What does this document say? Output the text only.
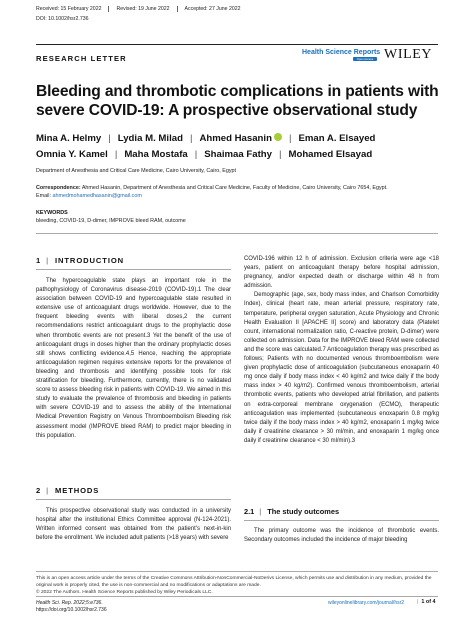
Received: 15 February 2022	Revised: 19 June 2022	Accepted: 27 June 2022
DOI: 10.1002/hsr2.736
RESEARCH LETTER
Health Science Reports
Open Access WILEY
Bleeding and thrombotic complications in patients with severe COVID-19: A prospective observational study
Mina A. Helmy | Lydia M. Milad | Ahmed Hasanin | Eman A. Elsayed
Omnia Y. Kamel | Maha Mostafa | Shaimaa Fathy | Mohamed Elsayad
Department of Anesthesia and Critical Care Medicine, Cairo University, Cairo, Egypt
Correspondence: Ahmed Hasanin, Department of Anesthesia and Critical Care Medicine, Faculty of Medicine, Cairo University, Cairo 7654, Egypt.
Email: ahmedmohamedhasanin@gmail.com
KEYWORDS
bleeding, COVID-19, D-dimer, IMPROVE bleed RAM, outcome
1 | INTRODUCTION

The hypercoagulable state plays an important role in the pathophysiology of Coronavirus disease-2019 (COVID-19).1 The clear association between COVID-19 and hypercoagulable state resulted in extensive use of anticoagulant drugs worldwide. However, due to the frequent bleeding events with liberal doses,2 the current recommendations restrict anticoagulant drugs to the prophylactic dose when thrombotic events are not present.3 Yet the benefit of the use of anticoagulant drugs in doses higher than the ordinary prophylactic doses still shows conflicting evidence.4,5 Hence, reaching the appropriate anticoagulation regimen requires extensive reports for the prevalence of bleeding and thrombosis and identifying possible tools for risk stratification for bleeding. Furthermore, currently, there is no validated score to assess bleeding risk in patients with COVID-19. We aimed in this study to evaluate the prevalence of thrombosis and bleeding in patients with severe COVID-19 and to assess the ability of the International Medical Prevention Registry on Venous Thromboembolism Bleeding risk assessment model (IMPROVE bleed RAM) to predict major bleeding in this population.

2 | METHODS

This prospective observational study was conducted in a university hospital after the institutional Ethics Committee approval (N-124-2021). Written informed consent was obtained from the patient's next-in-kin before the enrollment. We included adult patients (>18 years) with severe

COVID-196 within 12 h of admission. Exclusion criteria were age <18 years, patient on anticoagulant therapy before hospital admission, pregnancy, and/or expected death or discharge within 48 h from admission.

Demographic (age, sex, body mass index, and Charlson Comorbidity Index), clinical (heart rate, mean arterial pressure, respiratory rate, temperature, peripheral oxygen saturation, Acute Physiology and Chronic Health Evaluation II [APACHE II] score) and laboratory data (Platelet count, international normalization ratio, C-reactive protein, D-dimer) were collected on admission. Data for the IMPROVE bleed RAM were collected and the score was calculated.7 Anticoagulation therapy was prescribed as follows; Patients with no documented venous thromboembolism were given prophylactic dose of anticoagulation (subcutaneous enoxaparin 40 mg once daily if body mass index < 40 kg/m2 and twice daily if the body mass index > 40 kg/m2). Confirmed venous thromboembolism, arterial thrombotic events, patients who developed atrial fibrillation, and patients on extra-corporeal membrane oxygenation (ECMO), therapeutic anticoagulation was implemented (subcutaneous enoxaparin 0.8 mg/kg twice daily if the body mass index > 40 kg/m2, enoxaparin 1 mg/kg twice daily if creatinine clearance > 30 ml/min, and enoxaparin 1 mg/kg once daily if creatinine clearance < 30 ml/min).3

2.1 | The study outcomes

The primary outcome was the incidence of thrombotic events. Secondary outcomes included the incidence of major bleeding

This is an open access article under the terms of the Creative Commons Attribution-NonCommercial-NoDerivs License, which permits use and distribution in any medium, provided the original work is properly cited, the use is non-commercial and no modifications or adaptations are made.
© 2022 The Authors. Health Science Reports published by Wiley Periodicals LLC.
Health Sci. Rep. 2022;5:e736.
https://doi.org/10.1002/hsr2.736
wileyonlinelibrary.com/journal/hsr2	| 1 of 4
